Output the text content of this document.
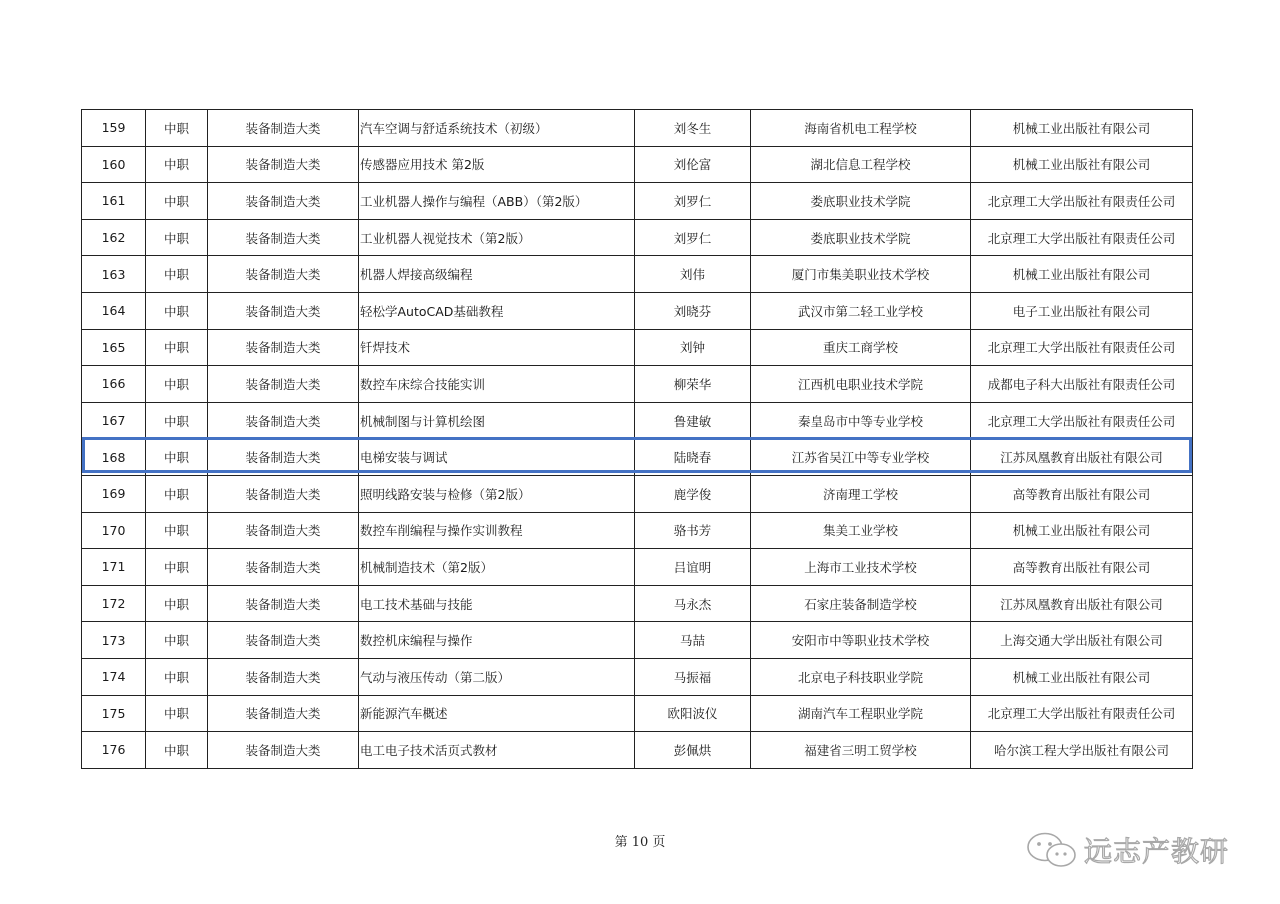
159	中职	装备制造大类	汽车空调与舒适系统技术（初级）	刘冬生	海南省机电工程学校	机械工业出版社有限公司
160	中职	装备制造大类	传感器应用技术 第2版	刘伦富	湖北信息工程学校	机械工业出版社有限公司
161	中职	装备制造大类	工业机器人操作与编程（ABB）（第2版）	刘罗仁	娄底职业技术学院	北京理工大学出版社有限责任公司
162	中职	装备制造大类	工业机器人视觉技术（第2版）	刘罗仁	娄底职业技术学院	北京理工大学出版社有限责任公司
163	中职	装备制造大类	机器人焊接高级编程	刘伟	厦门市集美职业技术学校	机械工业出版社有限公司
164	中职	装备制造大类	轻松学AutoCAD基础教程	刘晓芬	武汉市第二轻工业学校	电子工业出版社有限公司
165	中职	装备制造大类	钎焊技术	刘钟	重庆工商学校	北京理工大学出版社有限责任公司
166	中职	装备制造大类	数控车床综合技能实训	柳荣华	江西机电职业技术学院	成都电子科大出版社有限责任公司
167	中职	装备制造大类	机械制图与计算机绘图	鲁建敏	秦皇岛市中等专业学校	北京理工大学出版社有限责任公司
168	中职	装备制造大类	电梯安装与调试	陆晓春	江苏省吴江中等专业学校	江苏凤凰教育出版社有限公司
169	中职	装备制造大类	照明线路安装与检修（第2版）	鹿学俊	济南理工学校	高等教育出版社有限公司
170	中职	装备制造大类	数控车削编程与操作实训教程	骆书芳	集美工业学校	机械工业出版社有限公司
171	中职	装备制造大类	机械制造技术（第2版）	吕谊明	上海市工业技术学校	高等教育出版社有限公司
172	中职	装备制造大类	电工技术基础与技能	马永杰	石家庄装备制造学校	江苏凤凰教育出版社有限公司
173	中职	装备制造大类	数控机床编程与操作	马喆	安阳市中等职业技术学校	上海交通大学出版社有限公司
174	中职	装备制造大类	气动与液压传动（第二版）	马振福	北京电子科技职业学院	机械工业出版社有限公司
175	中职	装备制造大类	新能源汽车概述	欧阳波仪	湖南汽车工程职业学院	北京理工大学出版社有限责任公司
176	中职	装备制造大类	电工电子技术活页式教材	彭佩烘	福建省三明工贸学校	哈尔滨工程大学出版社有限公司
第 10 页	远志产教研
